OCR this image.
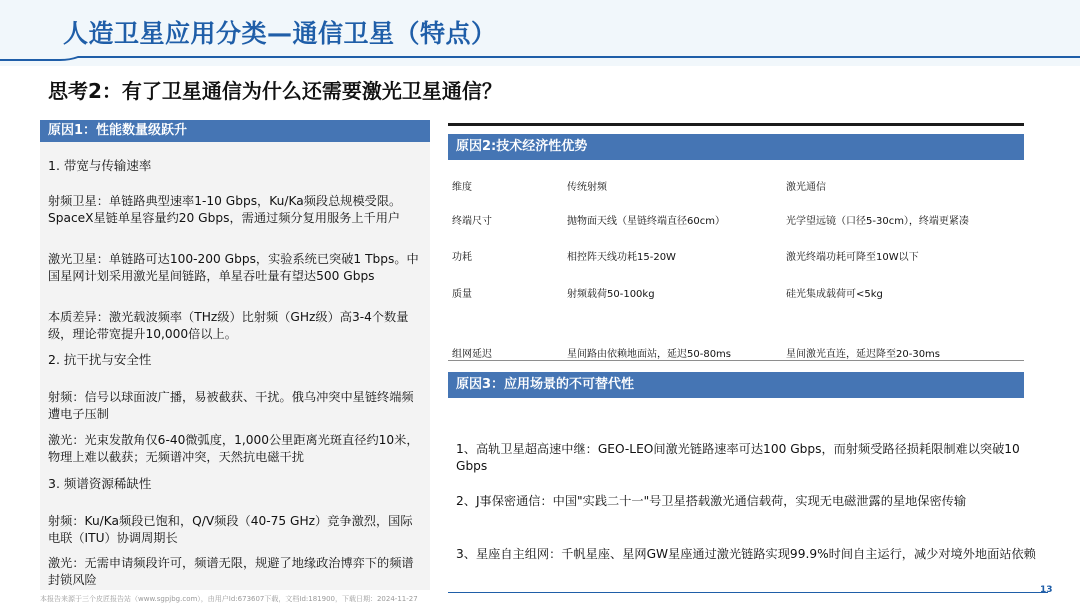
人造卫星应用分类—通信卫星（特点）
思考2：有了卫星通信为什么还需要激光卫星通信？
原因1：性能数量级跃升
1. 带宽与传输速率
射频卫星：单链路典型速率1-10 Gbps，Ku/Ka频段总规模受限。SpaceX星链单星容量约20 Gbps，需通过频分复用服务上千用户
激光卫星：单链路可达100-200 Gbps，实验系统已突破1 Tbps。中国星网计划采用激光星间链路，单星吞吐量有望达500 Gbps
本质差异：激光载波频率（THz级）比射频（GHz级）高3-4个数量级，理论带宽提升10,000倍以上。
2. 抗干扰与安全性
射频：信号以球面波广播，易被截获、干扰。俄乌冲突中星链终端频遭电子压制
激光：光束发散角仅6-40微弧度，1,000公里距离光斑直径约10米，物理上难以截获；无频谱冲突，天然抗电磁干扰
3. 频谱资源稀缺性
射频：Ku/Ka频段已饱和，Q/V频段（40-75 GHz）竞争激烈，国际电联（ITU）协调周期长
激光：无需申请频段许可，频谱无限，规避了地缘政治博弈下的频谱封锁风险
原因2:技术经济性优势
维度	传统射频	激光通信
终端尺寸	抛物面天线（星链终端直径60cm）	光学望远镜（口径5-30cm），终端更紧凑
功耗	相控阵天线功耗15-20W	激光终端功耗可降至10W以下
质量	射频载荷50-100kg	硅光集成载荷可<5kg
组网延迟	星间路由依赖地面站，延迟50-80ms	星间激光直连，延迟降至20-30ms
原因3：应用场景的不可替代性
1、高轨卫星超高速中继：GEO-LEO间激光链路速率可达100 Gbps，而射频受路径损耗限制难以突破10 Gbps
2、J事保密通信：中国"实践二十一"号卫星搭载激光通信载荷，实现无电磁泄露的星地保密传输
3、星座自主组网：千帆星座、星网GW星座通过激光链路实现99.9%时间自主运行，减少对境外地面站依赖
13
本报告来源于三个皮匠报告站（www.sgpjbg.com），由用户Id:673607下载，文档Id:181900，下载日期：2024-11-27
